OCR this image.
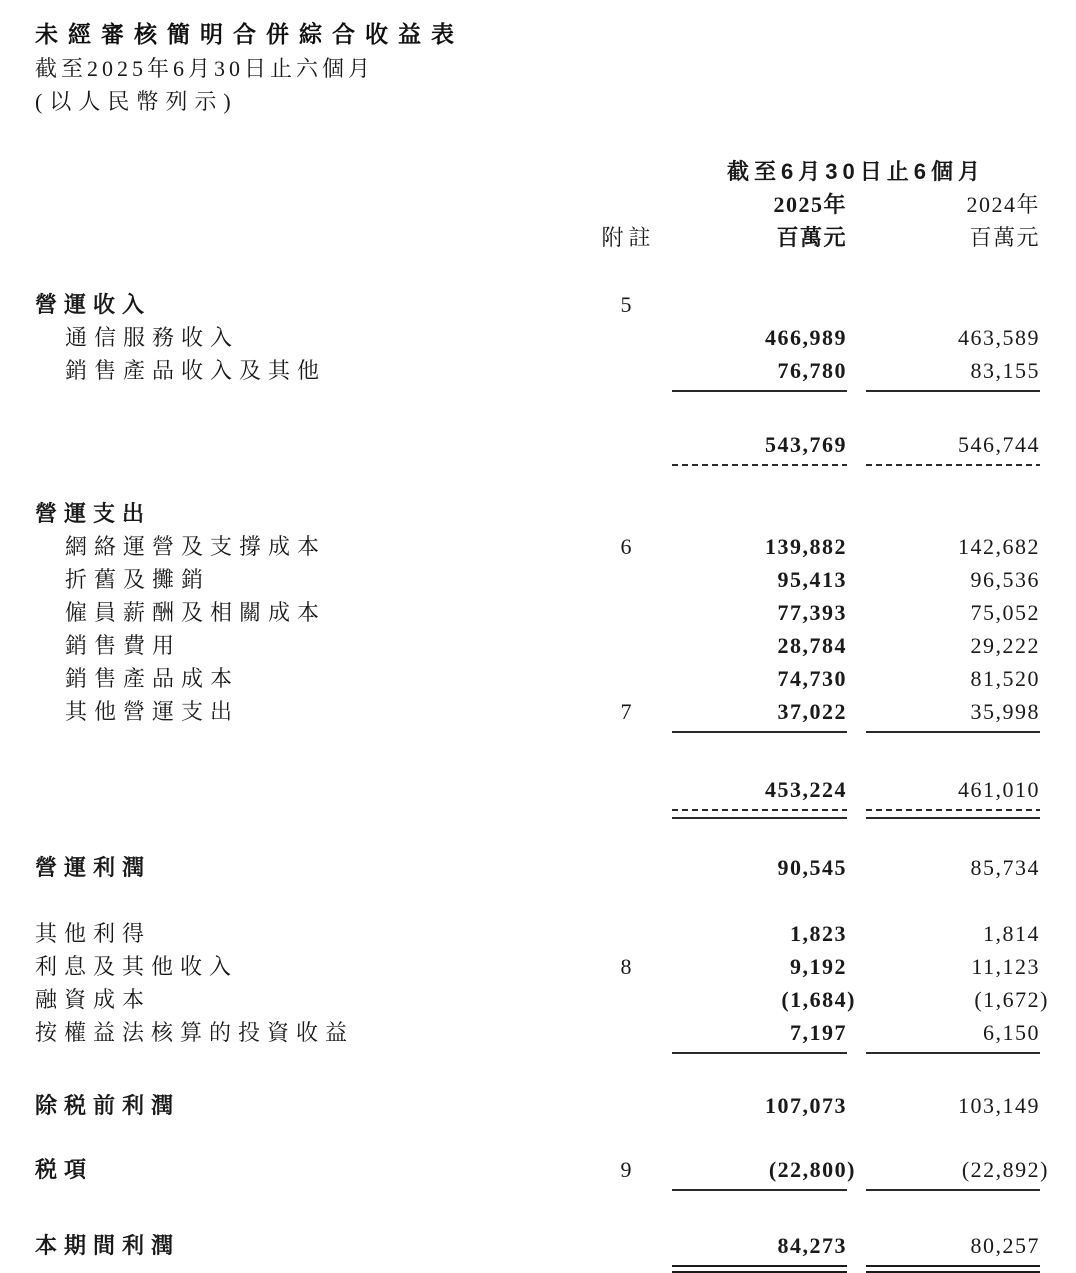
未經審核簡明合併綜合收益表
截至2025年6月30日止六個月
(以人民幣列示)
截至6月30日止6個月
2025年	2024年
附註	百萬元	百萬元
營運收入	5
通信服務收入	466,989	463,589
銷售產品收入及其他	76,780	83,155
543,769	546,744
營運支出
網絡運營及支撐成本	6	139,882	142,682
折舊及攤銷	95,413	96,536
僱員薪酬及相關成本	77,393	75,052
銷售費用	28,784	29,222
銷售產品成本	74,730	81,520
其他營運支出	7	37,022	35,998
453,224	461,010
營運利潤	90,545	85,734
其他利得	1,823	1,814
利息及其他收入	8	9,192	11,123
融資成本	(1,684)	(1,672)
按權益法核算的投資收益	7,197	6,150
除税前利潤	107,073	103,149
税項	9	(22,800)	(22,892)
本期間利潤	84,273	80,257
